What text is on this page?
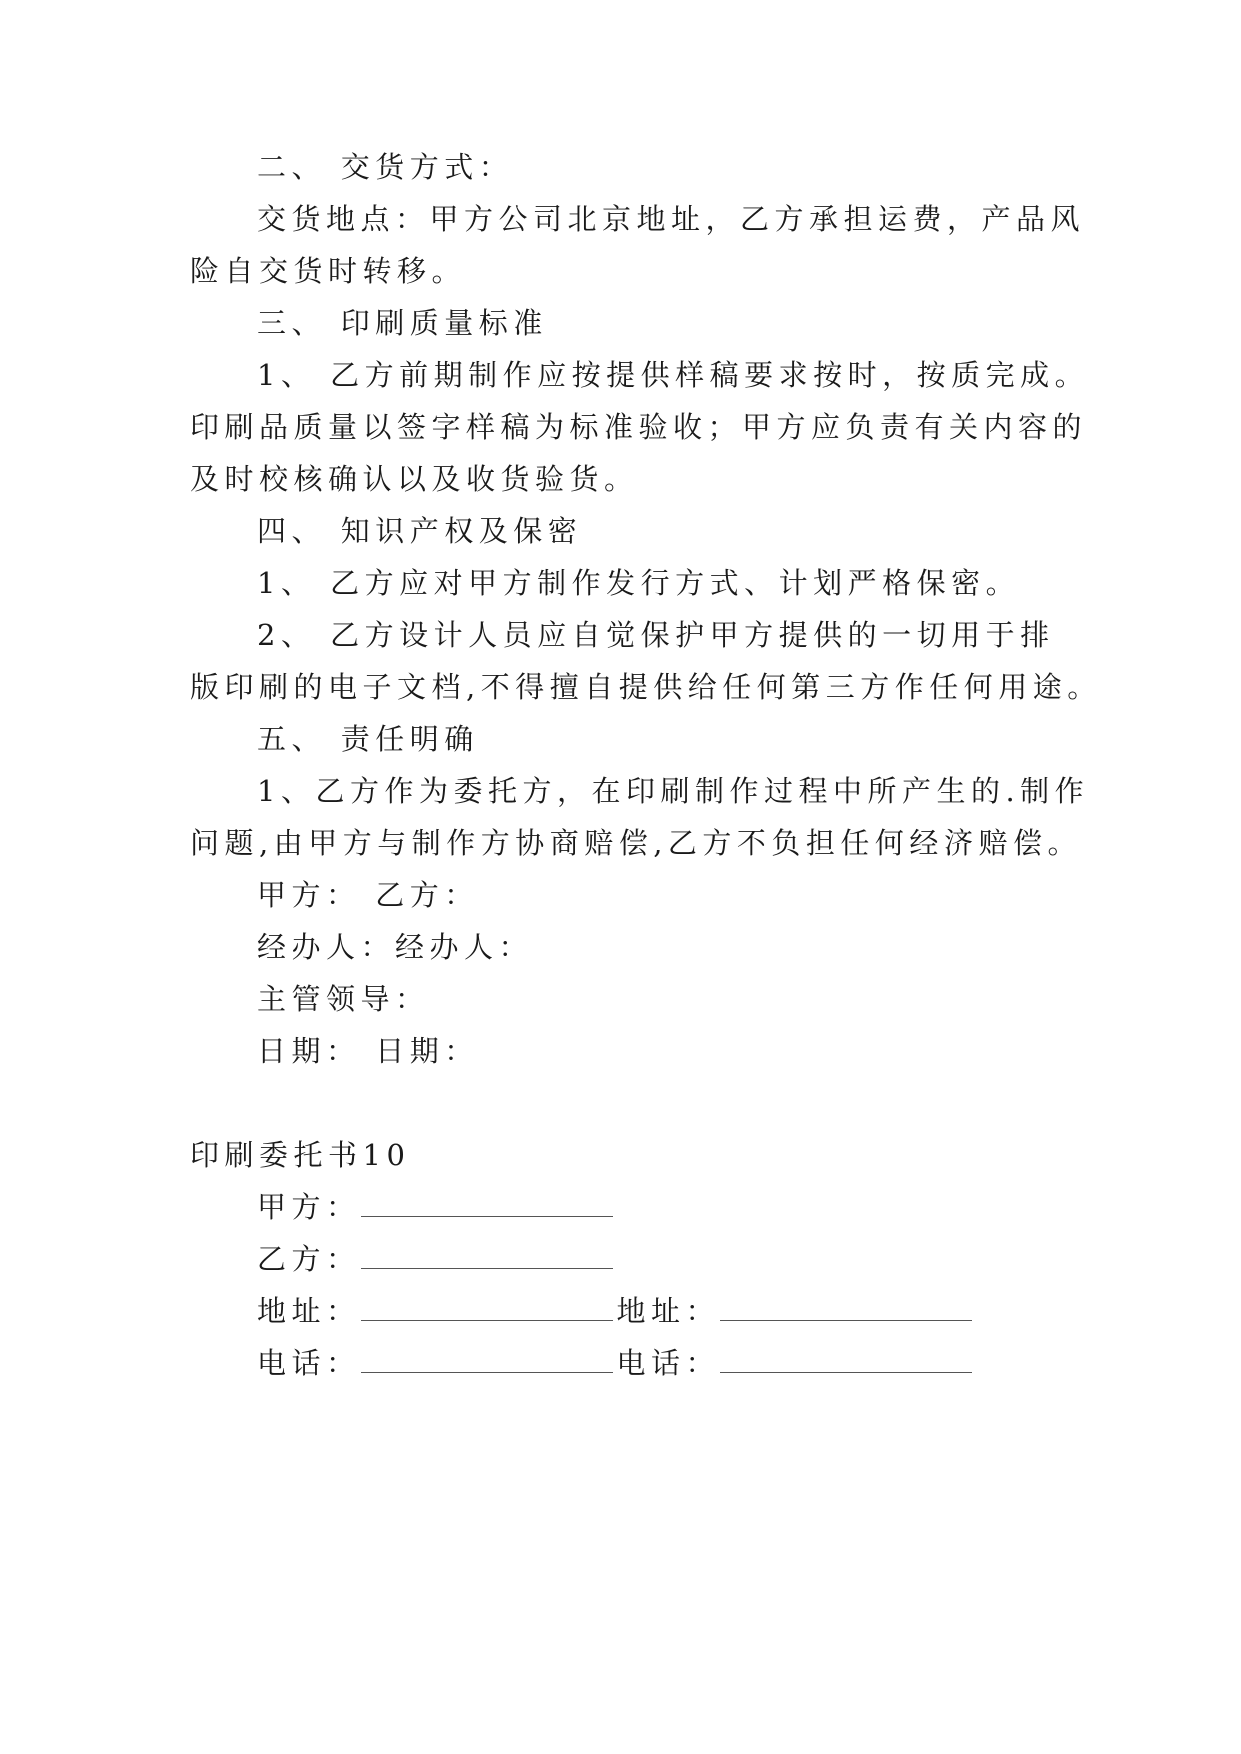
二、 交货方式：
交货地点：甲方公司北京地址，乙方承担运费，产品风
险自交货时转移。
三、 印刷质量标准
1、 乙方前期制作应按提供样稿要求按时，按质完成。
印刷品质量以签字样稿为标准验收；甲方应负责有关内容的
及时校核确认以及收货验货。
四、 知识产权及保密
1、 乙方应对甲方制作发行方式、计划严格保密。
2、 乙方设计人员应自觉保护甲方提供的一切用于排
版印刷的电子文档,不得擅自提供给任何第三方作任何用途。
五、 责任明确
1、乙方作为委托方，在印刷制作过程中所产生的.制作
问题,由甲方与制作方协商赔偿,乙方不负担任何经济赔偿。
甲方： 乙方：
经办人：经办人：
主管领导：
日期： 日期：
印刷委托书10
甲方：
乙方：
地址：	地址：
电话：	电话：
